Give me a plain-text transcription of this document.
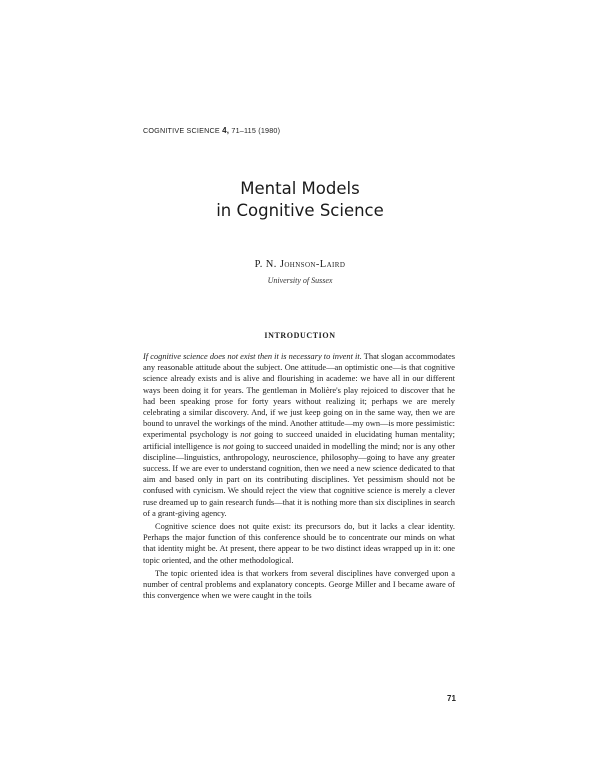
COGNITIVE SCIENCE 4, 71–115 (1980)
Mental Models
in Cognitive Science
P. N. Johnson-Laird
University of Sussex
INTRODUCTION

If cognitive science does not exist then it is necessary to invent it. That slogan accommodates any reasonable attitude about the subject. One attitude—an optimistic one—is that cognitive science already exists and is alive and flourishing in academe: we have all in our different ways been doing it for years. The gentleman in Molière's play rejoiced to discover that he had been speaking prose for forty years without realizing it; perhaps we are merely celebrating a similar discovery. And, if we just keep going on in the same way, then we are bound to unravel the workings of the mind. Another attitude—my own—is more pessimistic: experimental psychology is not going to succeed unaided in elucidating human mentality; artificial intelligence is not going to succeed unaided in modelling the mind; nor is any other discipline—linguistics, anthropology, neuroscience, philosophy—going to have any greater success. If we are ever to understand cognition, then we need a new science dedicated to that aim and based only in part on its contributing disciplines. Yet pessimism should not be confused with cynicism. We should reject the view that cognitive science is merely a clever ruse dreamed up to gain research funds—that it is nothing more than six disciplines in search of a grant-giving agency.

Cognitive science does not quite exist: its precursors do, but it lacks a clear identity. Perhaps the major function of this conference should be to concentrate our minds on what that identity might be. At present, there appear to be two distinct ideas wrapped up in it: one topic oriented, and the other methodological.

The topic oriented idea is that workers from several disciplines have converged upon a number of central problems and explanatory concepts. George Miller and I became aware of this convergence when we were caught in the toils

71
